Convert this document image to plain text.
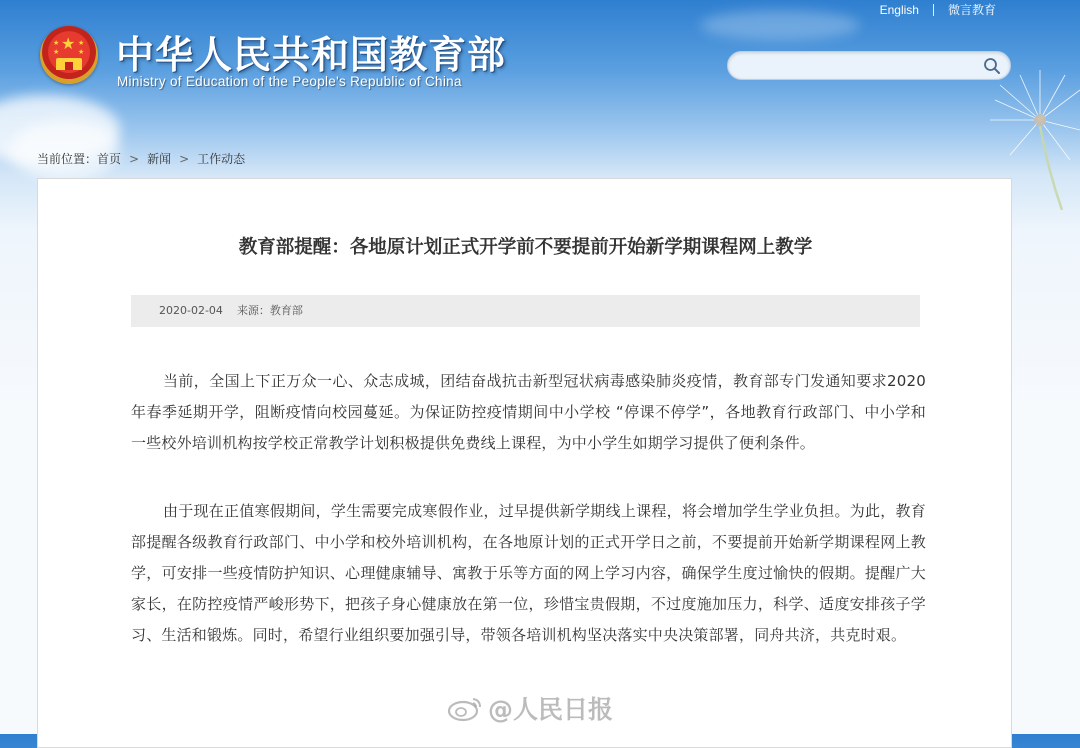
★
★
★
★
★ 中华人民共和国教育部
Ministry of Education of the People's Republic of China
English 微言教育
当前位置：首页 > 新闻 > 工作动态
教育部提醒：各地原计划正式开学前不要提前开始新学期课程网上教学
2020-02-04 来源：教育部

当前，全国上下正万众一心、众志成城，团结奋战抗击新型冠状病毒感染肺炎疫情，教育部专门发通知要求2020年春季延期开学，阻断疫情向校园蔓延。为保证防控疫情期间中小学校 “停课不停学”，各地教育行政部门、中小学和一些校外培训机构按学校正常教学计划积极提供免费线上课程，为中小学生如期学习提供了便利条件。

由于现在正值寒假期间，学生需要完成寒假作业，过早提供新学期线上课程，将会增加学生学业负担。为此，教育部提醒各级教育行政部门、中小学和校外培训机构，在各地原计划的正式开学日之前，不要提前开始新学期课程网上教学，可安排一些疫情防护知识、心理健康辅导、寓教于乐等方面的网上学习内容，确保学生度过愉快的假期。提醒广大家长，在防控疫情严峻形势下，把孩子身心健康放在第一位，珍惜宝贵假期，不过度施加压力，科学、适度安排孩子学习、生活和锻炼。同时，希望行业组织要加强引导，带领各培训机构坚决落实中央决策部署，同舟共济，共克时艰。

@人民日报
